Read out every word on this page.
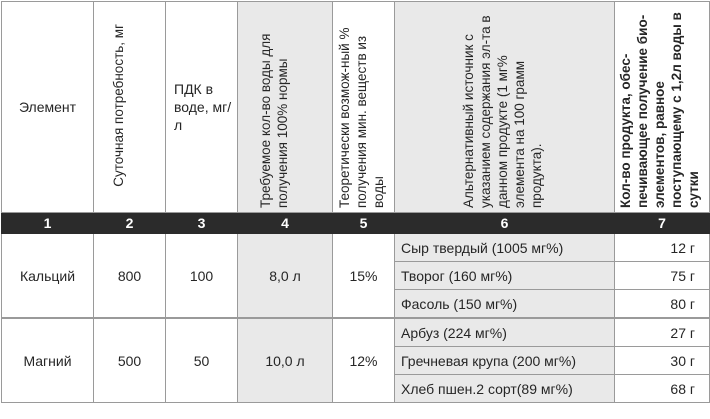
Элемент	Суточная потребность, мг	ПДК в воде, мг/л	Требуемое кол-во воды для получения 100% нормы	Теоретически возмож-ный % получения мин. веществ из воды	Альтернативный источник с указанием содержания эл-та в данном продукте (1 мг% элемента на 100 грамм продукта).	Кол-во продукта, обес-печивающее получение био-элементов, равное поступающему с 1,2л воды в сутки
1	2	3	4	5	6	7
Кальций	800	100	8,0 л	15%	Сыр твердый (1005 мг%)	12 г
					Творог (160 мг%)	75 г
					Фасоль (150 мг%)	80 г
Магний	500	50	10,0 л	12%	Арбуз (224 мг%)	27 г
					Гречневая крупа (200 мг%)	30 г
					Хлеб пшен.2 сорт(89 мг%)	68 г
